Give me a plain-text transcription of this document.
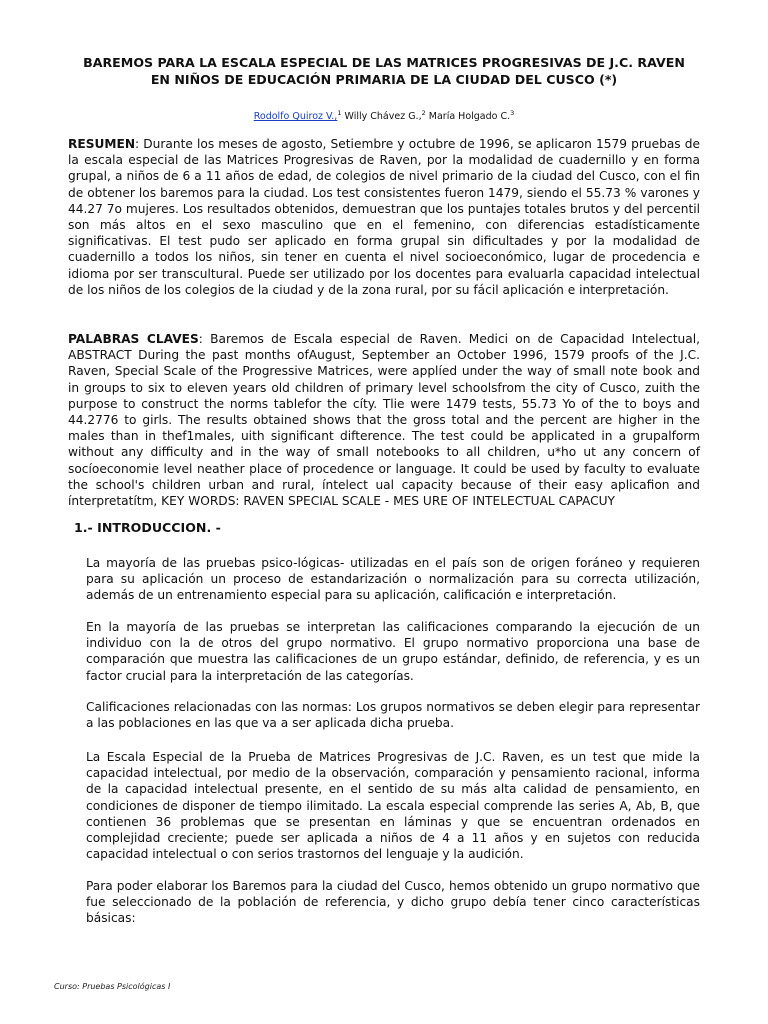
BAREMOS PARA LA ESCALA ESPECIAL DE LAS MATRICES PROGRESIVAS DE J.C. RAVEN
EN NIÑOS DE EDUCACIÓN PRIMARIA DE LA CIUDAD DEL CUSCO (*)
Rodolfo Quiroz V.,$^1$ Willy Chávez G.,$^2$ María Holgado C.$^3$

RESUMEN: Durante los meses de agosto, Setiembre y octubre de 1996, se aplicaron 1579 pruebas de la escala especial de las Matrices Progresivas de Raven, por la modalidad de cuadernillo y en forma grupal, a niños de 6 a 11 años de edad, de colegios de nivel primario de la ciudad del Cusco, con el fin de obtener los baremos para la ciudad. Los test consistentes fueron 1479, siendo el 55.73 % varones y 44.27 7o mujeres. Los resultados obtenidos, demuestran que los puntajes totales brutos y del percentil son más altos en el sexo masculino que en el femenino, con diferencias estadísticamente significativas. El test pudo ser aplicado en forma grupal sin dificultades y por la modalidad de cuadernillo a todos los niños, sin tener en cuenta el nivel socioeconómico, lugar de procedencia e idioma por ser transcultural. Puede ser utilizado por los docentes para evaluarla capacidad intelectual de los niños de los colegios de la ciudad y de la zona rural, por su fácil aplicación e interpretación.

PALABRAS CLAVES: Baremos de Escala especial de Raven. Medici on de Capacidad Intelectual, ABSTRACT During the past months ofAugust, September an October 1996, 1579 proofs of the J.C. Raven, Special Scale of the Progressive Matrices, were applíed under the way of small note book and in groups to six to eleven years old children of primary level schoolsfrom the city of Cusco, zuith the purpose to construct the norms tablefor the cíty. Tlie were 1479 tests, 55.73 Yo of the to boys and 44.2776 to girls. The results obtained shows that the gross total and the percent are higher in the males than in thef1males, uith significant difterence. The test could be applicated in a grupalform without any difficulty and in the way of small notebooks to all children, u*ho ut any concern of socíoeconomie level neather place of procedence or language. It could be used by faculty to evaluate the school's children urban and rural, íntelect ual capacity because of their easy aplicafion and ínterpretatítm, KEY WORDS: RAVEN SPECIAL SCALE - MES URE OF INTELECTUAL CAPACUY

1.- INTRODUCCION. -

La mayoría de las pruebas psico-lógicas- utilizadas en el país son de origen foráneo y requieren para su aplicación un proceso de estandarización o normalización para su correcta utilización, además de un entrenamiento especial para su aplicación, calificación e interpretación.

En la mayoría de las pruebas se interpretan las calificaciones comparando la ejecución de un individuo con la de otros del grupo normativo. El grupo normativo proporciona una base de comparación que muestra las calificaciones de un grupo estándar, definido, de referencia, y es un factor crucial para la interpretación de las categorías.

Calificaciones relacionadas con las normas: Los grupos normativos se deben elegir para representar a las poblaciones en las que va a ser aplicada dicha prueba.

La Escala Especial de la Prueba de Matrices Progresivas de J.C. Raven, es un test que mide la capacidad intelectual, por medio de la observación, comparación y pensamiento racional, informa de la capacidad intelectual presente, en el sentido de su más alta calidad de pensamiento, en condiciones de disponer de tiempo ilimitado. La escala especial comprende las series A, Ab, B, que contienen 36 problemas que se presentan en láminas y que se encuentran ordenados en complejidad creciente; puede ser aplicada a niños de 4 a 11 años y en sujetos con reducida capacidad intelectual o con serios trastornos del lenguaje y la audición.

Para poder elaborar los Baremos para la ciudad del Cusco, hemos obtenido un grupo normativo que fue seleccionado de la población de referencia, y dicho grupo debía tener cinco características básicas:

Curso: Pruebas Psicológicas I
